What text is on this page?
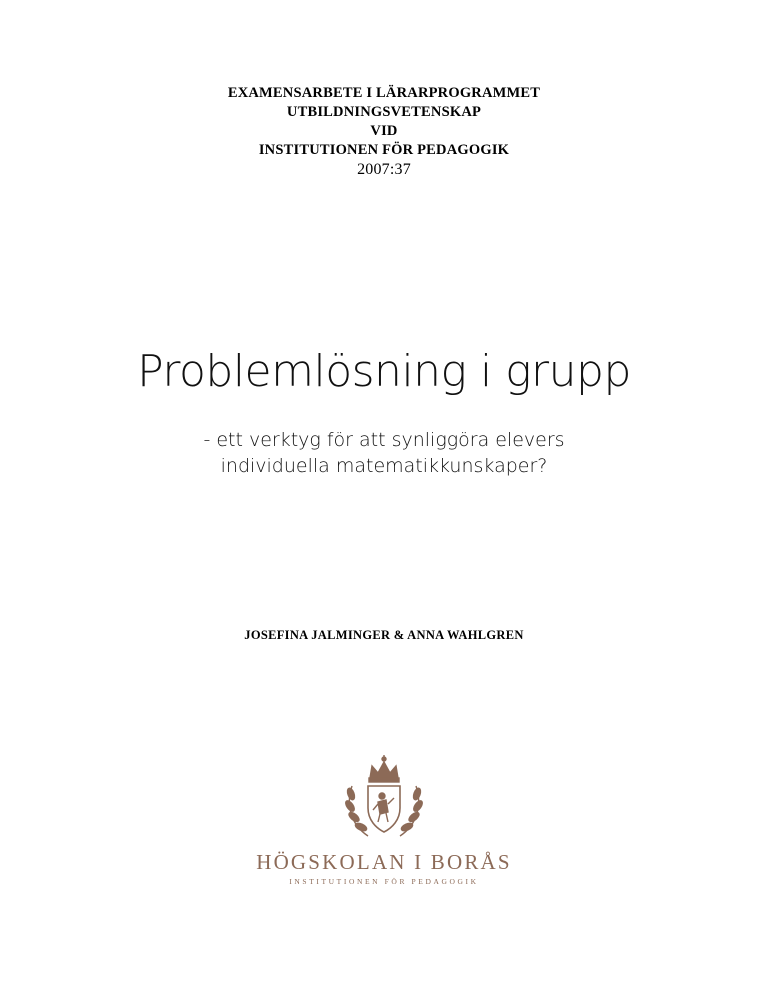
EXAMENSARBETE I LÄRARPROGRAMMET
UTBILDNINGSVETENSKAP
VID
INSTITUTIONEN FÖR PEDAGOGIK
2007:37
Problemlösning i grupp
- ett verktyg för att synliggöra elevers
individuella matematikkunskaper?
JOSEFINA JALMINGER & ANNA WAHLGREN
HÖGSKOLAN I BORÅS
INSTITUTIONEN FÖR PEDAGOGIK
